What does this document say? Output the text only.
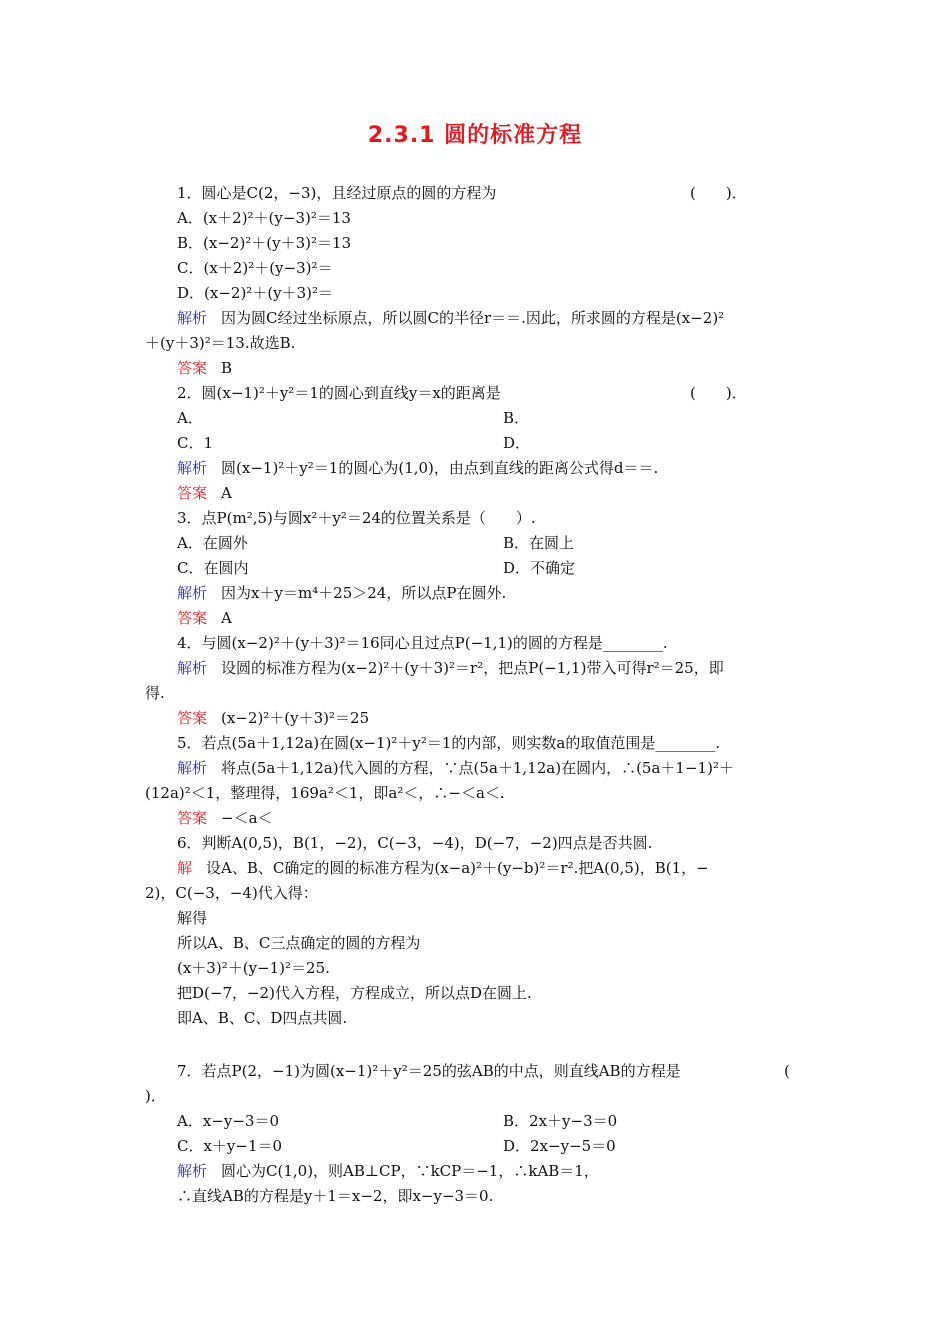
2.3.1 圆的标准方程
1．圆心是C(2，−3)，且经过原点的圆的方程为	(　　)．
A．(x＋2)²＋(y−3)²＝13
B．(x−2)²＋(y＋3)²＝13
C．(x＋2)²＋(y−3)²＝
D．(x−2)²＋(y＋3)²＝
解析 因为圆C经过坐标原点，所以圆C的半径r＝＝.因此，所求圆的方程是(x−2)²
＋(y＋3)²＝13.故选B.
答案 B
2．圆(x−1)²＋y²＝1的圆心到直线y＝x的距离是	(　　)．
A．	B．
C．1	D．
解析 圆(x−1)²＋y²＝1的圆心为(1,0)，由点到直线的距离公式得d＝＝.
答案 A
3．点P(m²,5)与圆x²＋y²＝24的位置关系是（　　）.
A．在圆外	B．在圆上
C．在圆内	D．不确定
解析 因为x＋y＝m⁴＋25＞24，所以点P在圆外.
答案 A
4．与圆(x−2)²＋(y＋3)²＝16同心且过点P(−1,1)的圆的方程是________.
解析 设圆的标准方程为(x−2)²＋(y＋3)²＝r²，把点P(−1,1)带入可得r²＝25，即
得.
答案 (x−2)²＋(y＋3)²＝25
5．若点(5a＋1,12a)在圆(x−1)²＋y²＝1的内部，则实数a的取值范围是________.
解析 将点(5a＋1,12a)代入圆的方程，∵点(5a＋1,12a)在圆内，∴(5a＋1−1)²＋
(12a)²＜1，整理得，169a²＜1，即a²＜，∴−＜a＜.
答案 −＜a＜
6．判断A(0,5)，B(1，−2)，C(−3，−4)，D(−7，−2)四点是否共圆.
解 设A、B、C确定的圆的标准方程为(x−a)²＋(y−b)²＝r².把A(0,5)，B(1，−
2)，C(−3，−4)代入得：
解得
所以A、B、C三点确定的圆的方程为
(x＋3)²＋(y−1)²＝25.
把D(−7，−2)代入方程，方程成立，所以点D在圆上.
即A、B、C、D四点共圆.
7．若点P(2，−1)为圆(x−1)²＋y²＝25的弦AB的中点，则直线AB的方程是	(
)．
A．x−y−3＝0	B．2x＋y−3＝0
C．x＋y−1＝0	D．2x−y−5＝0
解析 圆心为C(1,0)，则AB⊥CP，∵kCP＝−1，∴kAB＝1，
∴直线AB的方程是y＋1＝x−2，即x−y−3＝0.
